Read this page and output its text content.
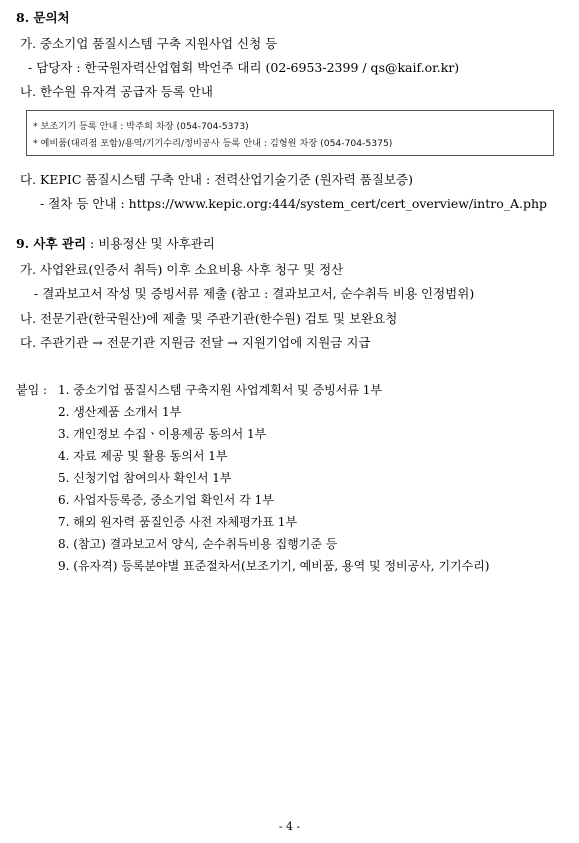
8. 문의처
가. 중소기업 품질시스템 구축 지원사업 신청 등
- 담당자 : 한국원자력산업협회 박언주 대리 (02-6953-2399 / qs@kaif.or.kr)
나. 한수원 유자격 공급자 등록 안내
* 보조기기 등록 안내 : 박주희 차장 (054-704-5373)
* 예비품(대리점 포함)/용역/기기수리/정비공사 등록 안내 : 김형원 차장 (054-704-5375)
다. KEPIC 품질시스템 구축 안내 : 전력산업기술기준 (원자력 품질보증)
- 절차 등 안내 : https://www.kepic.org:444/system_cert/cert_overview/intro_A.php
9. 사후 관리 : 비용정산 및 사후관리
가. 사업완료(인증서 취득) 이후 소요비용 사후 청구 및 정산
- 결과보고서 작성 및 증빙서류 제출 (참고 : 결과보고서, 순수취득 비용 인정범위)
나. 전문기관(한국원산)에 제출 및 주관기관(한수원) 검토 및 보완요청
다. 주관기관 → 전문기관 지원금 전달 → 지원기업에 지원금 지급
붙임 : 1. 중소기업 품질시스템 구축지원 사업계획서 및 증빙서류 1부
2. 생산제품 소개서 1부
3. 개인정보 수집ㆍ이용제공 동의서 1부
4. 자료 제공 및 활용 동의서 1부
5. 신청기업 참여의사 확인서 1부
6. 사업자등록증, 중소기업 확인서 각 1부
7. 해외 원자력 품질인증 사전 자체평가표 1부
8. (참고) 결과보고서 양식, 순수취득비용 집행기준 등
9. (유자격) 등록분야별 표준절차서(보조기기, 예비품, 용역 및 정비공사, 기기수리)
- 4 -
